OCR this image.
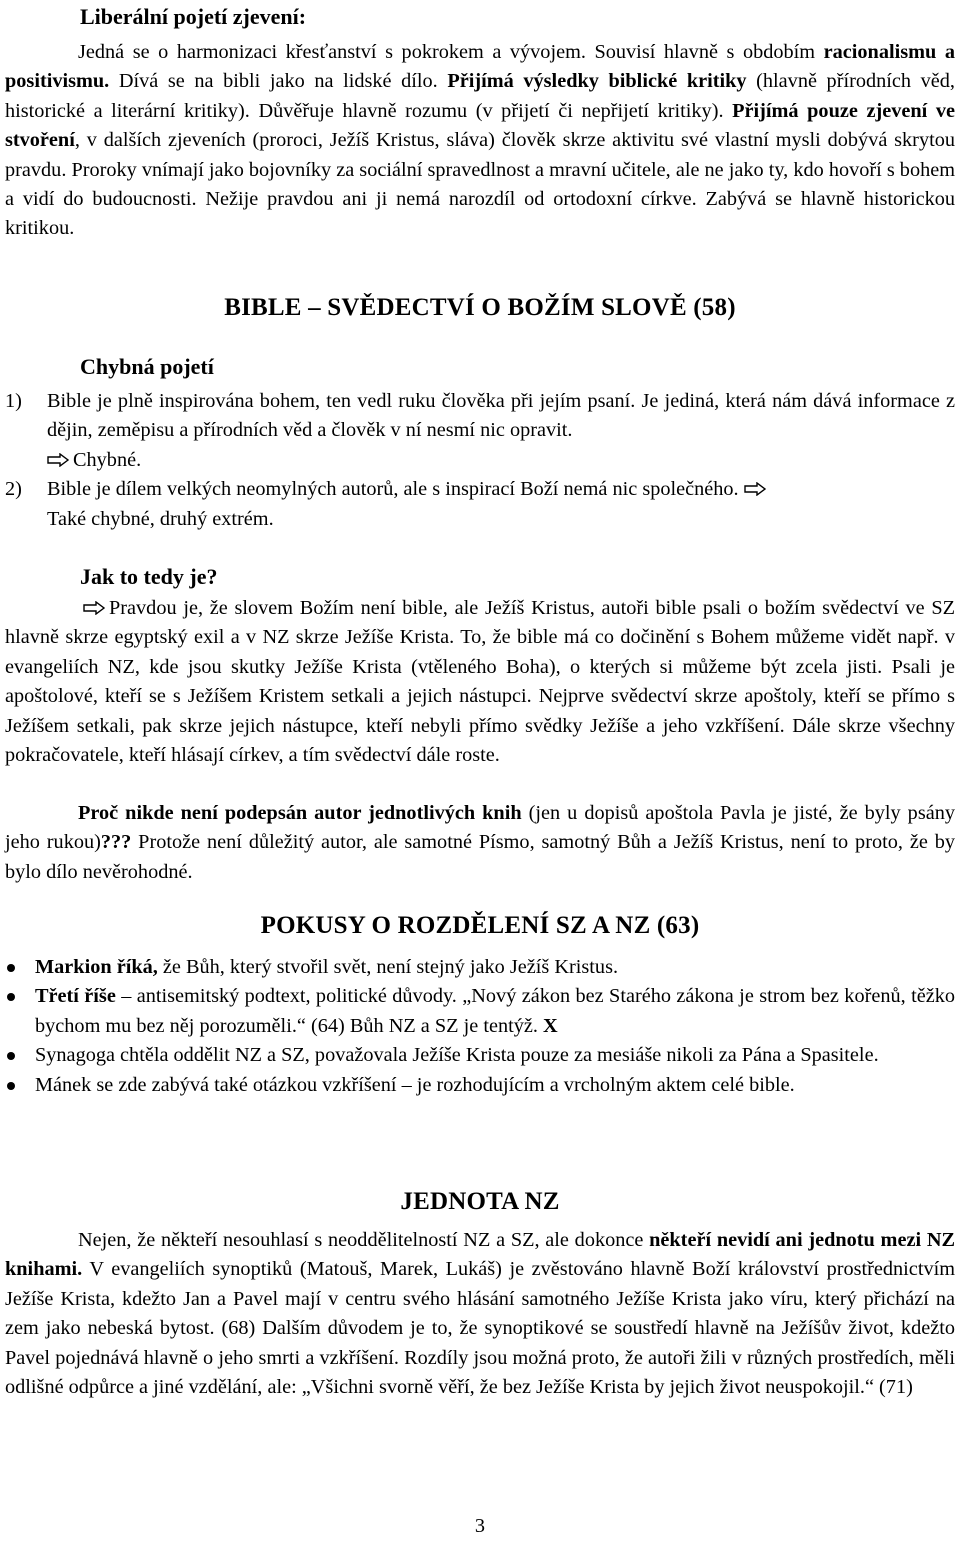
Liberální pojetí zjevení:

Jedná se o harmonizaci křesťanství s pokrokem a vývojem. Souvisí hlavně s obdobím racionalismu a positivismu. Dívá se na bibli jako na lidské dílo. Přijímá výsledky biblické kritiky (hlavně přírodních věd, historické a literární kritiky). Důvěřuje hlavně rozumu (v přijetí či nepřijetí kritiky). Přijímá pouze zjevení ve stvoření, v dalších zjeveních (proroci, Ježíš Kristus, sláva) člověk skrze aktivitu své vlastní mysli dobývá skrytou pravdu. Proroky vnímají jako bojovníky za sociální spravedlnost a mravní učitele, ale ne jako ty, kdo hovoří s bohem a vidí do budoucnosti. Nežije pravdou ani ji nemá narozdíl od ortodoxní církve. Zabývá se hlavně historickou kritikou.

BIBLE – SVĚDECTVÍ O BOŽÍM SLOVĚ (58)
Chybná pojetí
1) Bible je plně inspirována bohem, ten vedl ruku člověka při jejím psaní. Je jediná, která nám dává informace z dějin, zeměpisu a přírodních věd a člověk v ní nesmí nic opravit.

Chybné.
2) Bible je dílem velkých neomylných autorů, ale s inspirací Boží nemá nic společného.

Také chybné, druhý extrém.
Jak to tedy je?

Pravdou je, že slovem Božím není bible, ale Ježíš Kristus, autoři bible psali o božím svědectví ve SZ hlavně skrze egyptský exil a v NZ skrze Ježíše Krista. To, že bible má co dočinění s Bohem můžeme vidět např. v evangeliích NZ, kde jsou skutky Ježíše Krista (vtěleného Boha), o kterých si můžeme být zcela jisti. Psali je apoštolové, kteří se s Ježíšem Kristem setkali a jejich nástupci. Nejprve svědectví skrze apoštoly, kteří se přímo s Ježíšem setkali, pak skrze jejich nástupce, kteří nebyli přímo svědky Ježíše a jeho vzkříšení. Dále skrze všechny pokračovatele, kteří hlásají církev, a tím svědectví dále roste.

Proč nikde není podepsán autor jednotlivých knih (jen u dopisů apoštola Pavla je jisté, že byly psány jeho rukou)??? Protože není důležitý autor, ale samotné Písmo, samotný Bůh a Ježíš Kristus, není to proto, že by bylo dílo nevěrohodné.

POKUSY O ROZDĚLENÍ SZ A NZ (63)
Markion říká, že Bůh, který stvořil svět, není stejný jako Ježíš Kristus.
Třetí říše – antisemitský podtext, politické důvody. „Nový zákon bez Starého zákona je strom bez kořenů, těžko bychom mu bez něj porozuměli.“ (64) Bůh NZ a SZ je tentýž. X
Synagoga chtěla oddělit NZ a SZ, považovala Ježíše Krista pouze za mesiáše nikoli za Pána a Spasitele.
Mánek se zde zabývá také otázkou vzkříšení – je rozhodujícím a vrcholným aktem celé bible.
JEDNOTA NZ

Nejen, že někteří nesouhlasí s neoddělitelností NZ a SZ, ale dokonce někteří nevidí ani jednotu mezi NZ knihami. V evangeliích synoptiků (Matouš, Marek, Lukáš) je zvěstováno hlavně Boží království prostřednictvím Ježíše Krista, kdežto Jan a Pavel mají v centru svého hlásání samotného Ježíše Krista jako víru, který přichází na zem jako nebeská bytost. (68) Dalším důvodem je to, že synoptikové se soustředí hlavně na Ježíšův život, kdežto Pavel pojednává hlavně o jeho smrti a vzkříšení. Rozdíly jsou možná proto, že autoři žili v různých prostředích, měli odlišné odpůrce a jiné vzdělání, ale: „Všichni svorně věří, že bez Ježíše Krista by jejich život neuspokojil.“ (71)

3
